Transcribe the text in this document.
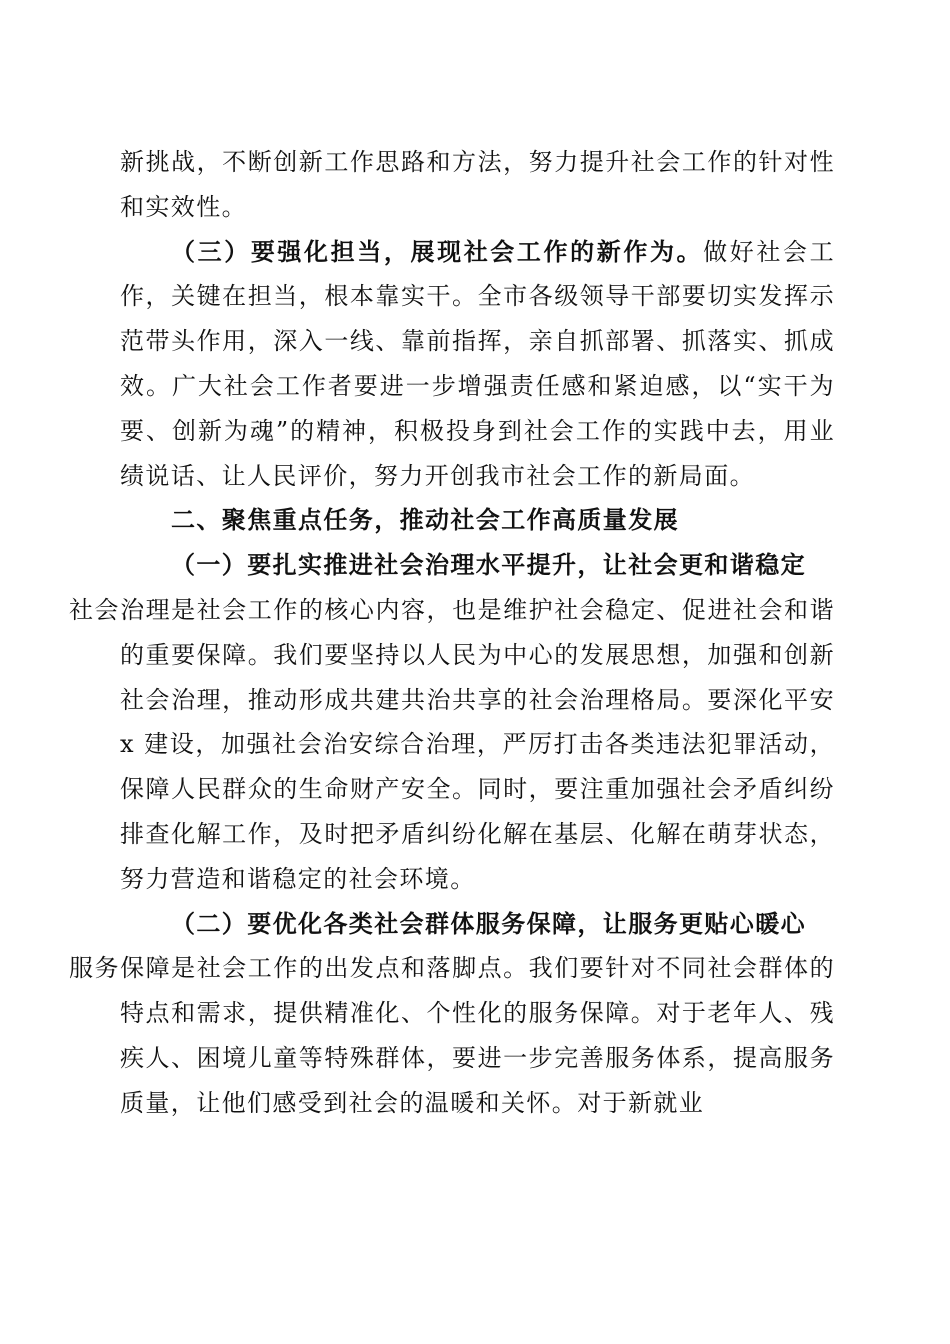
新挑战，不断创新工作思路和方法，努力提升社会工作的针对性和实效性。

（三）要强化担当，展现社会工作的新作为。做好社会工作，关键在担当，根本靠实干。全市各级领导干部要切实发挥示范带头作用，深入一线、靠前指挥，亲自抓部署、抓落实、抓成效。广大社会工作者要进一步增强责任感和紧迫感，以“实干为要、创新为魂”的精神，积极投身到社会工作的实践中去，用业绩说话、让人民评价，努力开创我市社会工作的新局面。

二、聚焦重点任务，推动社会工作高质量发展

（一）要扎实推进社会治理水平提升，让社会更和谐稳定

社会治理是社会工作的核心内容，也是维护社会稳定、促进社会和谐的重要保障。我们要坚持以人民为中心的发展思想，加强和创新社会治理，推动形成共建共治共享的社会治理格局。要深化平安 x 建设，加强社会治安综合治理，严厉打击各类违法犯罪活动，保障人民群众的生命财产安全。同时，要注重加强社会矛盾纠纷排查化解工作，及时把矛盾纠纷化解在基层、化解在萌芽状态，努力营造和谐稳定的社会环境。

（二）要优化各类社会群体服务保障，让服务更贴心暖心

服务保障是社会工作的出发点和落脚点。我们要针对不同社会群体的特点和需求，提供精准化、个性化的服务保障。对于老年人、残疾人、困境儿童等特殊群体，要进一步完善服务体系，提高服务质量，让他们感受到社会的温暖和关怀。对于新就业
